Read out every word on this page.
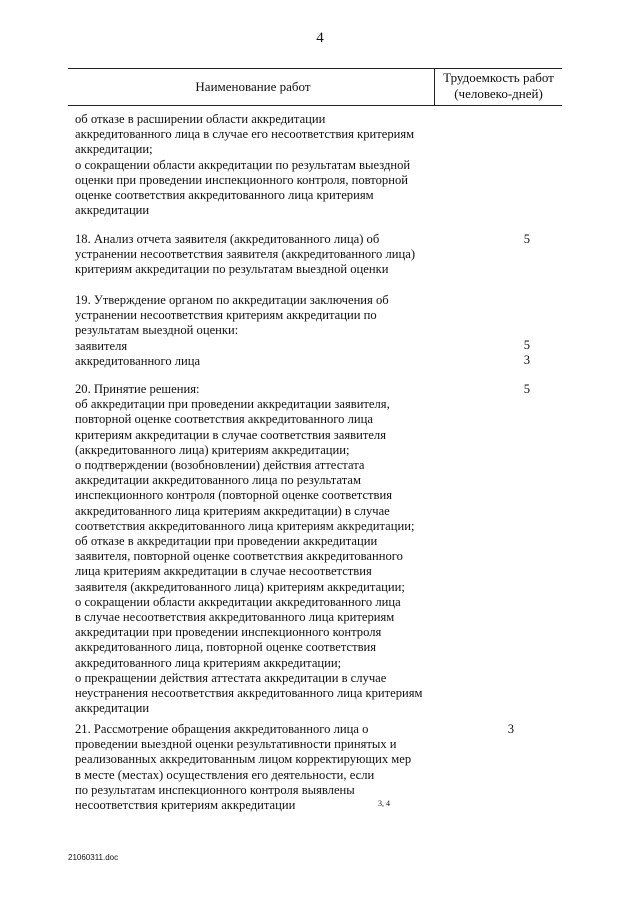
4
Наименование работ
Трудоемкость работ
(человеко-дней)
об отказе в расширении области аккредитации
аккредитованного лица в случае его несоответствия критериям
аккредитации;
о сокращении области аккредитации по результатам выездной
оценки при проведении инспекционного контроля, повторной
оценке соответствия аккредитованного лица критериям
аккредитации
18. Анализ отчета заявителя (аккредитованного лица) об
устранении несоответствия заявителя (аккредитованного лица)
критериям аккредитации по результатам выездной оценки
5
19. Утверждение органом по аккредитации заключения об
устранении несоответствия критериям аккредитации по
результатам выездной оценки:
заявителя
аккредитованного лица
5
3
20. Принятие решения:
об аккредитации при проведении аккредитации заявителя,
повторной оценке соответствия аккредитованного лица
критериям аккредитации в случае соответствия заявителя
(аккредитованного лица) критериям аккредитации;
о подтверждении (возобновлении) действия аттестата
аккредитации аккредитованного лица по результатам
инспекционного контроля (повторной оценке соответствия
аккредитованного лица критериям аккредитации) в случае
соответствия аккредитованного лица критериям аккредитации;
об отказе в аккредитации при проведении аккредитации
заявителя, повторной оценке соответствия аккредитованного
лица критериям аккредитации в случае несоответствия
заявителя (аккредитованного лица) критериям аккредитации;
о сокращении области аккредитации аккредитованного лица
в случае несоответствия аккредитованного лица критериям
аккредитации при проведении инспекционного контроля
аккредитованного лица, повторной оценке соответствия
аккредитованного лица критериям аккредитации;
о прекращении действия аттестата аккредитации в случае
неустранения несоответствия аккредитованного лица критериям
аккредитации
5
21. Рассмотрение обращения аккредитованного лица о
проведении выездной оценки результативности принятых и
реализованных аккредитованным лицом корректирующих мер
в месте (местах) осуществления его деятельности, если
по результатам инспекционного контроля выявлены
несоответствия критериям аккредитации	3, 4
3
21060311.doc
